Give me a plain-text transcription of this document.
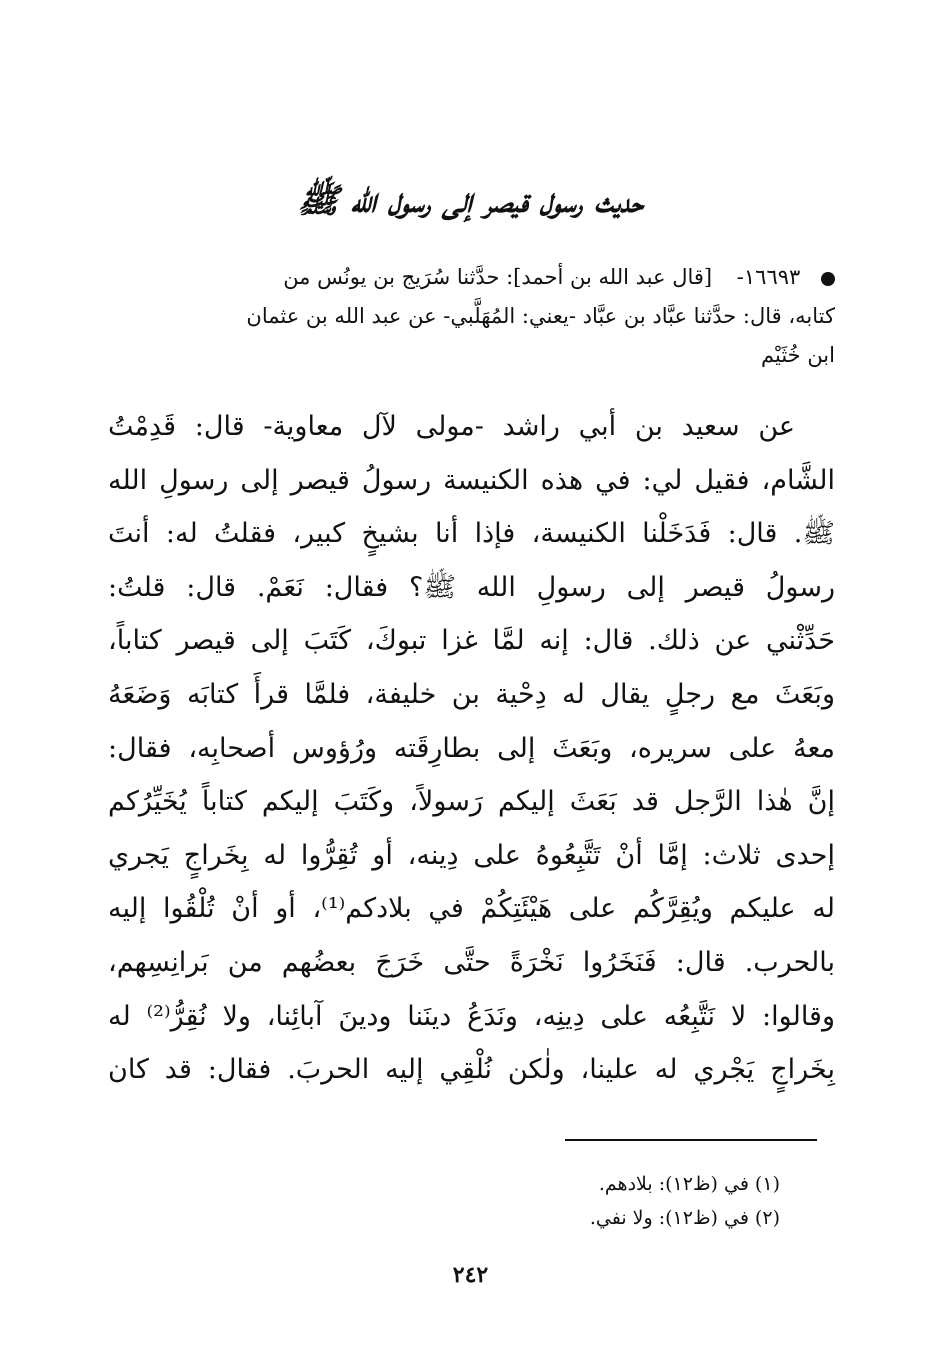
حديث رسول قيصر إلى رسول الله ﷺ
١٦٦٩٣- [قال عبد الله بن أحمد]: حدَّثنا سُرَيج بن يونُس من
كتابه، قال: حدَّثنا عبَّاد بن عبَّاد -يعني: المُهَلَّبي- عن عبد الله بن عثمان
ابن خُثَيْم
عن سعيد بن أبي راشد -مولى لآل معاوية- قال: قَدِمْتُ
الشَّام، فقيل لي: في هذه الكنيسة رسولُ قيصر إلى رسولِ الله
ﷺ. قال: فَدَخَلْنا الكنيسة، فإذا أنا بشيخٍ كبير، فقلتُ له: أنتَ
رسولُ قيصر إلى رسولِ الله ﷺ؟ فقال: نَعَمْ. قال: قلتُ:
حَدِّثْني عن ذلك. قال: إنه لمَّا غزا تبوكَ، كَتَبَ إلى قيصر كتاباً،
وبَعَثَ مع رجلٍ يقال له دِحْية بن خليفة، فلمَّا قرأَ كتابَه وَضَعَهُ
معهُ على سريره، وبَعَثَ إلى بطارِقَته ورُؤوس أصحابِه، فقال:
إنَّ هٰذا الرَّجل قد بَعَثَ إليكم رَسولاً، وكَتَبَ إليكم كتاباً يُخَيِّرُكم
إحدى ثلاث: إمَّا أنْ تَتَّبِعُوهُ على دِينه، أو تُقِرُّوا له بِخَراجٍ يَجري
له عليكم ويُقِرَّكُم على هَيْئَتِكُمْ في بلادكم⁽¹⁾، أو أنْ تُلْقُوا إليه
بالحرب. قال: فَنَخَرُوا نَخْرَةً حتَّى خَرَجَ بعضُهم من بَرانِسِهم،
وقالوا: لا نَتَّبِعُه على دِينِه، ونَدَعُ دينَنا ودينَ آبائِنا، ولا نُقِرُّ⁽²⁾ له
بِخَراجٍ يَجْري له علينا، ولٰكن نُلْقِي إليه الحربَ. فقال: قد كان
(١) في (ظ١٢): بلادهم.
(٢) في (ظ١٢): ولا نفي.
٢٤٢
